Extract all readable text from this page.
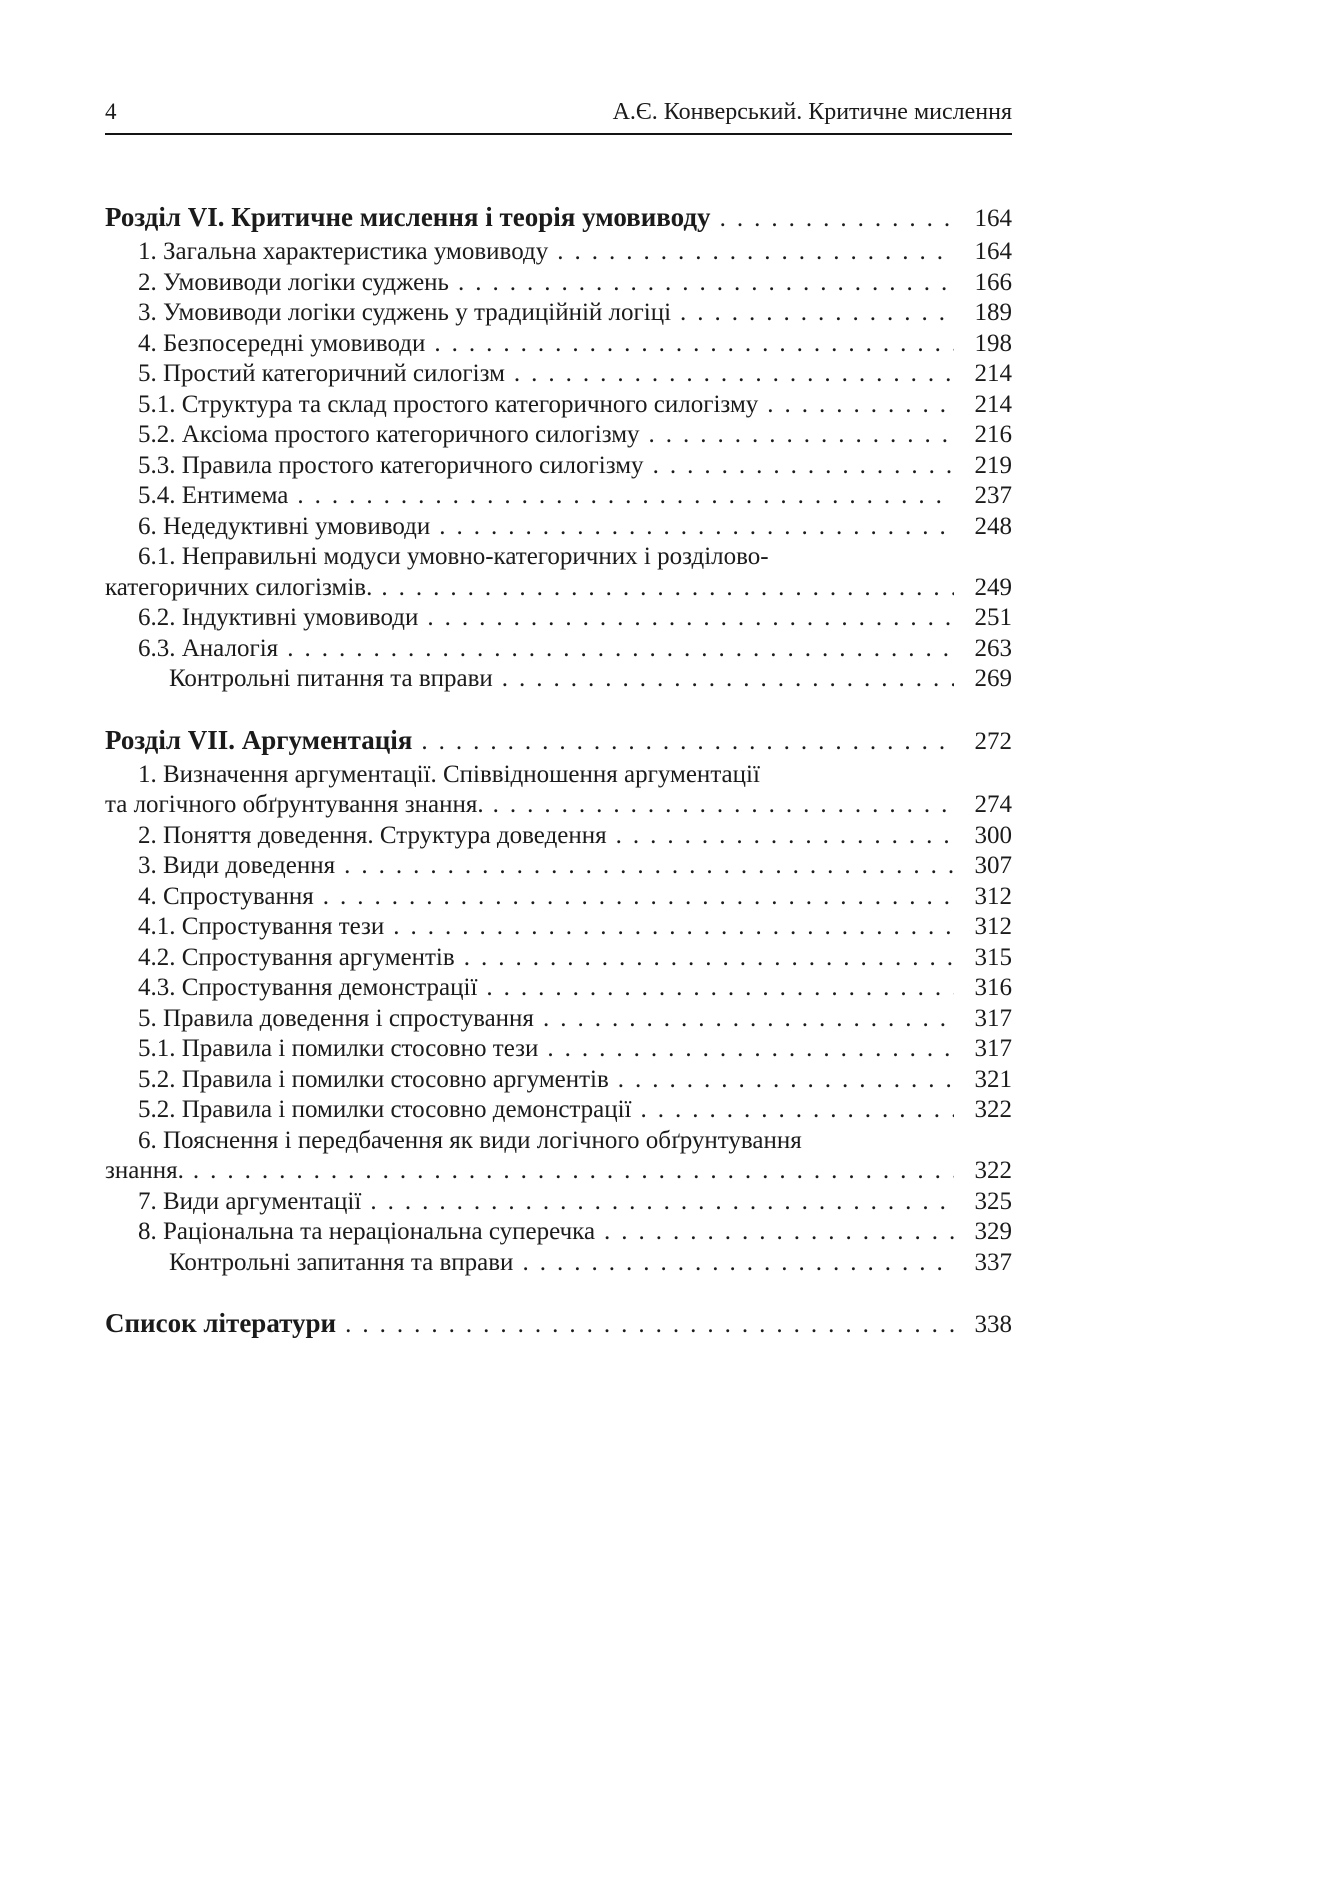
4	А.Є. Конверський. Критичне мислення
Розділ VI. Критичне мислення і теорія умовиводу .....	164
1. Загальна характеристика умовиводу .....	164
2. Умовиводи логіки суджень .....	166
3. Умовиводи логіки суджень у традиційній логіці .....	189
4. Безпосередні умовиводи .....	198
5. Простий категоричний силогізм .....	214
5.1. Структура та склад простого категоричного силогізму .....	214
5.2. Аксіома простого категоричного силогізму .....	216
5.3. Правила простого категоричного силогізму .....	219
5.4. Ентимема .....	237
6. Недедуктивні умовиводи .....	248
6.1. Неправильні модуси умовно-категоричних і розділово-
категоричних силогізмів. .....	249
6.2. Індуктивні умовиводи .....	251
6.3. Аналогія .....	263
Контрольні питання та вправи .....	269
Розділ VII. Аргументація .....	272
1. Визначення аргументації. Співвідношення аргументації
та логічного обґрунтування знання. .....	274
2. Поняття доведення. Структура доведення .....	300
3. Види доведення .....	307
4. Спростування .....	312
4.1. Спростування тези .....	312
4.2. Спростування аргументів .....	315
4.3. Спростування демонстрації .....	316
5. Правила доведення і спростування .....	317
5.1. Правила і помилки стосовно тези .....	317
5.2. Правила і помилки стосовно аргументів .....	321
5.2. Правила і помилки стосовно демонстрації .....	322
6. Пояснення і передбачення як види логічного обґрунтування
знання. .....	322
7. Види аргументації .....	325
8. Раціональна та нераціональна суперечка .....	329
Контрольні запитання та вправи .....	337
Список літератури .....	338
